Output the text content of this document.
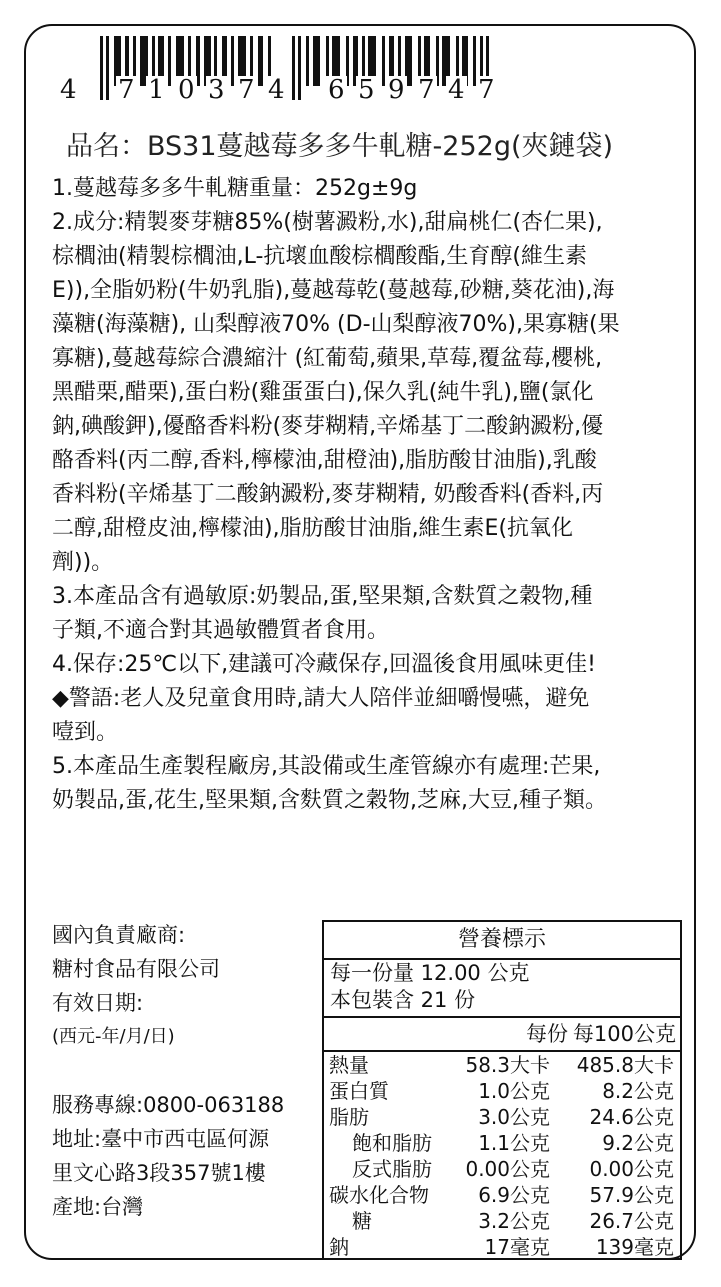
4 7 1 0 3 7 4 6 5 9 7 4 7
品名：BS31蔓越莓多多牛軋糖-252g(夾鏈袋)

1.蔓越莓多多牛軋糖重量：252g±9g

2.成分:精製麥芽糖85%(樹薯澱粉,水),甜扁桃仁(杏仁果),

棕櫚油(精製棕櫚油,L-抗壞血酸棕櫚酸酯,生育醇(維生素

E)),全脂奶粉(牛奶乳脂),蔓越莓乾(蔓越莓,砂糖,葵花油),海

藻糖(海藻糖), 山梨醇液70% (D-山梨醇液70%),果寡糖(果

寡糖),蔓越莓綜合濃縮汁 (紅葡萄,蘋果,草莓,覆盆莓,櫻桃,

黑醋栗,醋栗),蛋白粉(雞蛋蛋白),保久乳(純牛乳),鹽(氯化

鈉,碘酸鉀),優酪香料粉(麥芽糊精,辛烯基丁二酸鈉澱粉,優

酪香料(丙二醇,香料,檸檬油,甜橙油),脂肪酸甘油脂),乳酸

香料粉(辛烯基丁二酸鈉澱粉,麥芽糊精, 奶酸香料(香料,丙

二醇,甜橙皮油,檸檬油),脂肪酸甘油脂,維生素E(抗氧化

劑))。

3.本產品含有過敏原:奶製品,蛋,堅果類,含麩質之穀物,種

子類,不適合對其過敏體質者食用。

4.保存:25℃以下,建議可冷藏保存,回溫後食用風味更佳!

◆警語:老人及兒童食用時,請大人陪伴並細嚼慢嚥，避免

噎到。

5.本產品生產製程廠房,其設備或生產管線亦有處理:芒果,

奶製品,蛋,花生,堅果類,含麩質之穀物,芝麻,大豆,種子類。

國內負責廠商:

糖村食品有限公司

有效日期:

(西元-年/月/日)

服務專線:0800-063188

地址:臺中市西屯區何源

里文心路3段357號1樓

產地:台灣

營養標示
每一份量 12.00 公克
本包裝含 21 份
每份 每100公克
熱量	58.3大卡 485.8大卡
蛋白質	1.0公克	8.2公克
脂肪	3.0公克 24.6公克
飽和脂肪 1.1公克	9.2公克
反式脂肪 0.00公克 0.00公克
碳水化合物 6.9公克 57.9公克
糖	3.2公克 26.7公克
鈉	17毫克 139毫克
